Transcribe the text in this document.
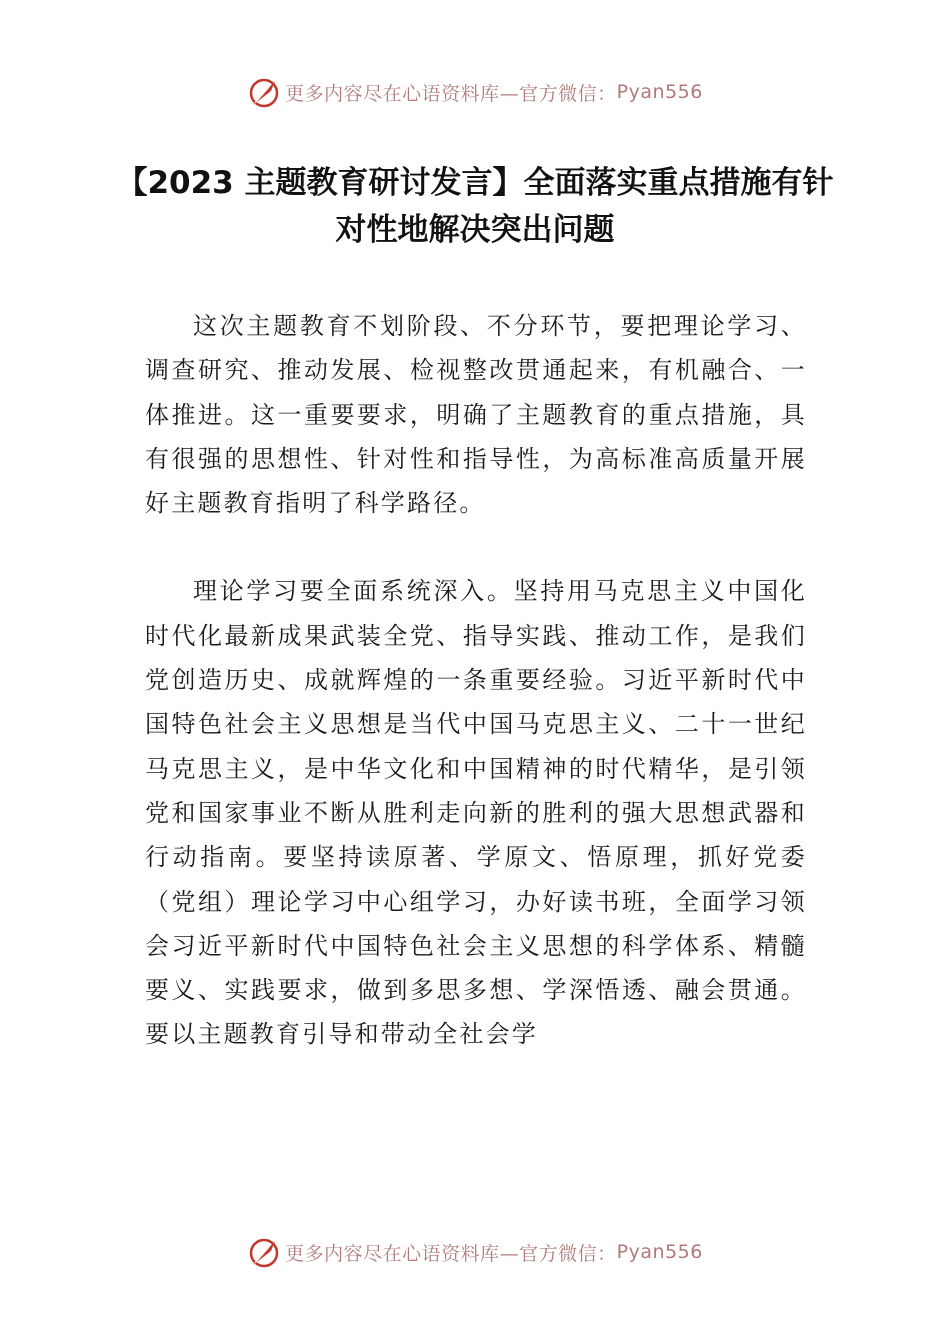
更多内容尽在心语资料库—官方微信： Pyan556
【2023 主题教育研讨发言】全面落实重点措施有针对性地解决突出问题

这次主题教育不划阶段、不分环节，要把理论学习、调查研究、推动发展、检视整改贯通起来，有机融合、一体推进。这一重要要求，明确了主题教育的重点措施，具有很强的思想性、针对性和指导性，为高标准高质量开展好主题教育指明了科学路径。

理论学习要全面系统深入。坚持用马克思主义中国化时代化最新成果武装全党、指导实践、推动工作，是我们党创造历史、成就辉煌的一条重要经验。习近平新时代中国特色社会主义思想是当代中国马克思主义、二十一世纪马克思主义，是中华文化和中国精神的时代精华，是引领党和国家事业不断从胜利走向新的胜利的强大思想武器和行动指南。要坚持读原著、学原文、悟原理，抓好党委（党组）理论学习中心组学习，办好读书班，全面学习领会习近平新时代中国特色社会主义思想的科学体系、精髓要义、实践要求，做到多思多想、学深悟透、融会贯通。要以主题教育引导和带动全社会学

更多内容尽在心语资料库—官方微信： Pyan556
